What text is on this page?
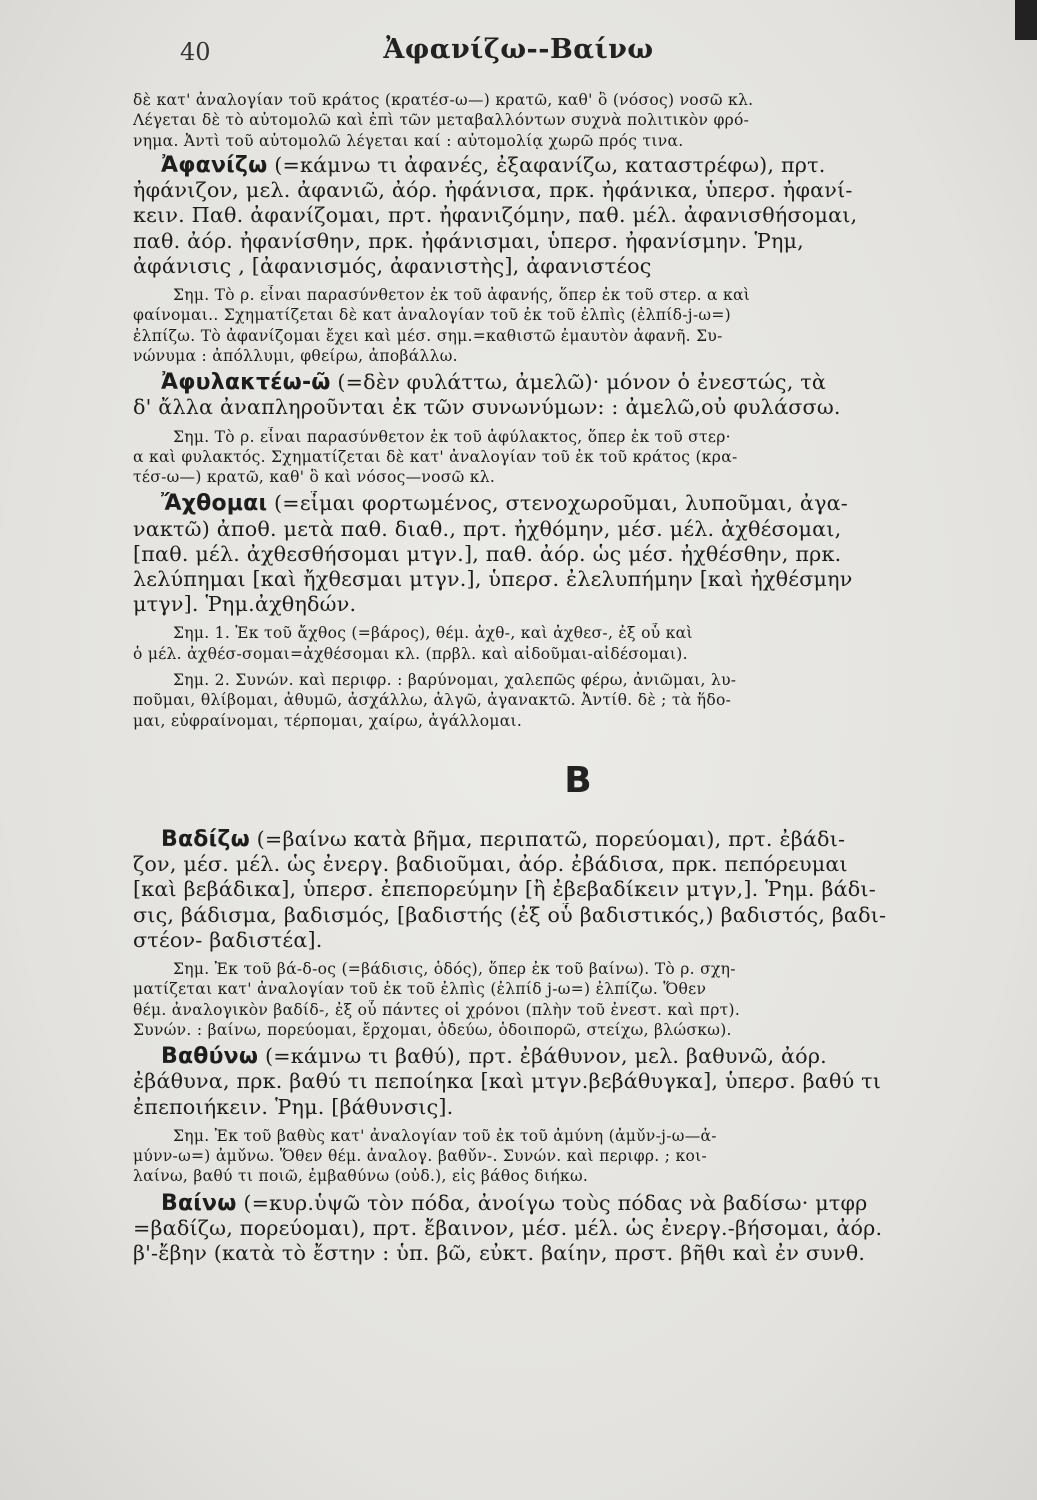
40	Ἀφανίζω--Βαίνω
δὲ κατ' ἀναλογίαν τοῦ κράτος (κρατέσ-ω—) κρατῶ, καθ' ὃ (νόσος) νοσῶ κλ.
Λέγεται δὲ τὸ αὐτομολῶ καὶ ἐπὶ τῶν μεταβαλλόντων συχνὰ πολιτικὸν φρό-
νημα. Ἀντὶ τοῦ αὐτομολῶ λέγεται καί : αὐτομολίᾳ χωρῶ πρός τινα.
Ἀφανίζω (=κάμνω τι ἀφανές, ἐξαφανίζω, καταστρέφω), πρτ.
ἠφάνιζον, μελ. ἀφανιῶ, ἀόρ. ἠφάνισα, πρκ. ἠφάνικα, ὑπερσ. ἠφανί-
κειν. Παθ. ἀφανίζομαι, πρτ. ἠφανιζόμην, παθ. μέλ. ἀφανισθήσομαι,
παθ. ἀόρ. ἠφανίσθην, πρκ. ἠφάνισμαι, ὑπερσ. ἠφανίσμην. Ῥημ,
ἀφάνισις , [ἀφανισμός, ἀφανιστὴς], ἀφανιστέος
Σημ. Τὸ ρ. εἶναι παρασύνθετον ἐκ τοῦ ἀφανής, ὅπερ ἐκ τοῦ στερ. α καὶ
φαίνομαι.. Σχηματίζεται δὲ κατ ἀναλογίαν τοῦ ἐκ τοῦ ἐλπὶς (ἐλπίδ-j-ω=)
ἐλπίζω. Τὸ ἀφανίζομαι ἔχει καὶ μέσ. σημ.=καθιστῶ ἐμαυτὸν ἀφανῆ. Συ-
νώνυμα : ἀπόλλυμι, φθείρω, ἀποβάλλω.
Ἀφυλακτέω-ῶ (=δὲν φυλάττω, ἀμελῶ)· μόνον ὁ ἐνεστώς, τὰ
δ' ἄλλα ἀναπληροῦνται ἐκ τῶν συνωνύμων: : ἀμελῶ,οὐ φυλάσσω.
Σημ. Τὸ ρ. εἶναι παρασύνθετον ἐκ τοῦ ἀφύλακτος, ὅπερ ἐκ τοῦ στερ·
α καὶ φυλακτός. Σχηματίζεται δὲ κατ' ἀναλογίαν τοῦ ἐκ τοῦ κράτος (κρα-
τέσ-ω—) κρατῶ, καθ' ὃ καὶ νόσος—νοσῶ κλ.
Ἄχθομαι (=εἶμαι φορτωμένος, στενοχωροῦμαι, λυποῦμαι, ἀγα-
νακτῶ) ἀποθ. μετὰ παθ. διαθ., πρτ. ἠχθόμην, μέσ. μέλ. ἀχθέσομαι,
[παθ. μέλ. ἀχθεσθήσομαι μτγν.], παθ. ἀόρ. ὡς μέσ. ἠχθέσθην, πρκ.
λελύπημαι [καὶ ἤχθεσμαι μτγν.], ὑπερσ. ἐλελυπήμην [καὶ ἠχθέσμην
μτγν]. Ῥημ.ἀχθηδών.
Σημ. 1. Ἐκ τοῦ ἄχθος (=βάρος), θέμ. ἀχθ-, καὶ ἀχθεσ-, ἐξ οὗ καὶ
ὁ μέλ. ἀχθέσ-σομαι=ἀχθέσομαι κλ. (πρβλ. καὶ αἰδοῦμαι-αἰδέσομαι).
Σημ. 2. Συνών. καὶ περιφρ. : βαρύνομαι, χαλεπῶς φέρω, ἀνιῶμαι, λυ-
ποῦμαι, θλίβομαι, ἀθυμῶ, ἀσχάλλω, ἀλγῶ, ἀγανακτῶ. Ἀντίθ. δὲ ; τὰ ἥδο-
μαι, εὐφραίνομαι, τέρπομαι, χαίρω, ἀγάλλομαι.
B
Βαδίζω (=βαίνω κατὰ βῆμα, περιπατῶ, πορεύομαι), πρτ. ἐβάδι-
ζον, μέσ. μέλ. ὡς ἐνεργ. βαδιοῦμαι, ἀόρ. ἐβάδισα, πρκ. πεπόρευμαι
[καὶ βεβάδικα], ὑπερσ. ἐπεπορεύμην [ἢ ἐβεβαδίκειν μτγν,]. Ῥημ. βάδι-
σις, βάδισμα, βαδισμός, [βαδιστής (ἐξ οὗ βαδιστικός,) βαδιστός, βαδι-
στέον- βαδιστέα].
Σημ. Ἐκ τοῦ βά-δ-ος (=βάδισις, ὁδός), ὅπερ ἐκ τοῦ βαίνω). Τὸ ρ. σχη-
ματίζεται κατ' ἀναλογίαν τοῦ ἐκ τοῦ ἐλπὶς (ἐλπίδ j-ω=) ἐλπίζω. Ὅθεν
θέμ. ἀναλογικὸν βαδίδ-, ἐξ οὗ πάντες οἱ χρόνοι (πλὴν τοῦ ἐνεστ. καὶ πρτ).
Συνών. : βαίνω, πορεύομαι, ἔρχομαι, ὁδεύω, ὁδοιπορῶ, στείχω, βλώσκω).
Βαθύνω (=κάμνω τι βαθύ), πρτ. ἐβάθυνον, μελ. βαθυνῶ, ἀόρ.
ἐβάθυνα, πρκ. βαθύ τι πεποίηκα [καὶ μτγν.βεβάθυγκα], ὑπερσ. βαθύ τι
ἐπεποιήκειν. Ῥημ. [βάθυνσις].
Σημ. Ἐκ τοῦ βαθὺς κατ' ἀναλογίαν τοῦ ἐκ τοῦ ἀμύνη (ἀμὺ́ν-j-ω—ἀ-
μύνν-ω=) ἀμὺ́νω. Ὅθεν θέμ. ἀναλογ. βαθὺ́ν-. Συνών. καὶ περιφρ. ; κοι-
λαίνω, βαθύ τι ποιῶ, ἐμβαθύνω (οὐδ.), εἰς βάθος διήκω.
Βαίνω (=κυρ.ὑψῶ τὸν πόδα, ἀνοίγω τοὺς πόδας νὰ βαδίσω· μτφρ
=βαδίζω, πορεύομαι), πρτ. ἔβαινον, μέσ. μέλ. ὡς ἐνεργ.-βήσομαι, ἀόρ.
β'-ἔβην (κατὰ τὸ ἔστην : ὑπ. βῶ, εὐκτ. βαίην, πρστ. βῆθι καὶ ἐν συνθ.
